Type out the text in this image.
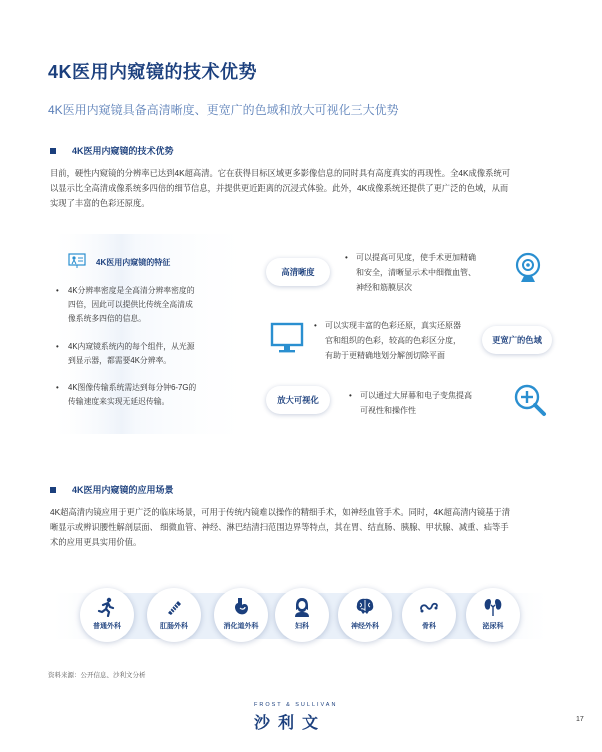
4K医用内窥镜的技术优势
4K医用内窥镜具备高清晰度、更宽广的色域和放大可视化三大优势
4K医用内窥镜的技术优势
目前，硬性内窥镜的分辨率已达到4K超高清。它在获得目标区域更多影像信息的同时具有高度真实的再现性。全4K成像系统可
以显示比全高清成像系统多四倍的细节信息，并提供更近距离的沉浸式体验。此外，4K成像系统还提供了更广泛的色域，从而
实现了丰富的色彩还原度。
4K医用内窥镜的特征
• 4K分辨率密度是全高清分辨率密度的
四倍，因此可以提供比传统全高清成
像系统多四倍的信息。
• 4K内窥镜系统内的每个组件，从光源
到显示器，都需要4K分辨率。
• 4K图像传输系统需达到每分钟6-7G的
传输速度来实现无延迟传输。
高清晰度
更宽广的色域
放大可视化
• 可以提高可见度，使手术更加精确
和安全，清晰显示术中细微血管、
神经和筋膜层次
• 可以实现丰富的色彩还原，真实还原器
官和组织的色彩，较高的色彩区分度，
有助于更精确地划分解剖切除平面
• 可以通过大屏幕和电子变焦提高
可视性和操作性
4K医用内窥镜的应用场景
4K超高清内镜应用于更广泛的临床场景，可用于传统内镜难以操作的精细手术，如神经血管手术。同时，4K超高清内镜基于清
晰显示或辨识腰性解剖层面、 细微血管、神经、淋巴结清扫范围边界等特点，其在胃、结直肠、胰腺、甲状腺、减重、疝等手
术的应用更具实用价值。
普通外科	肛肠外科	消化道外科	妇科	神经外科	骨科	泌尿科
资料来源：公开信息、沙利文分析
FROST & SULLIVAN
沙利文	17
